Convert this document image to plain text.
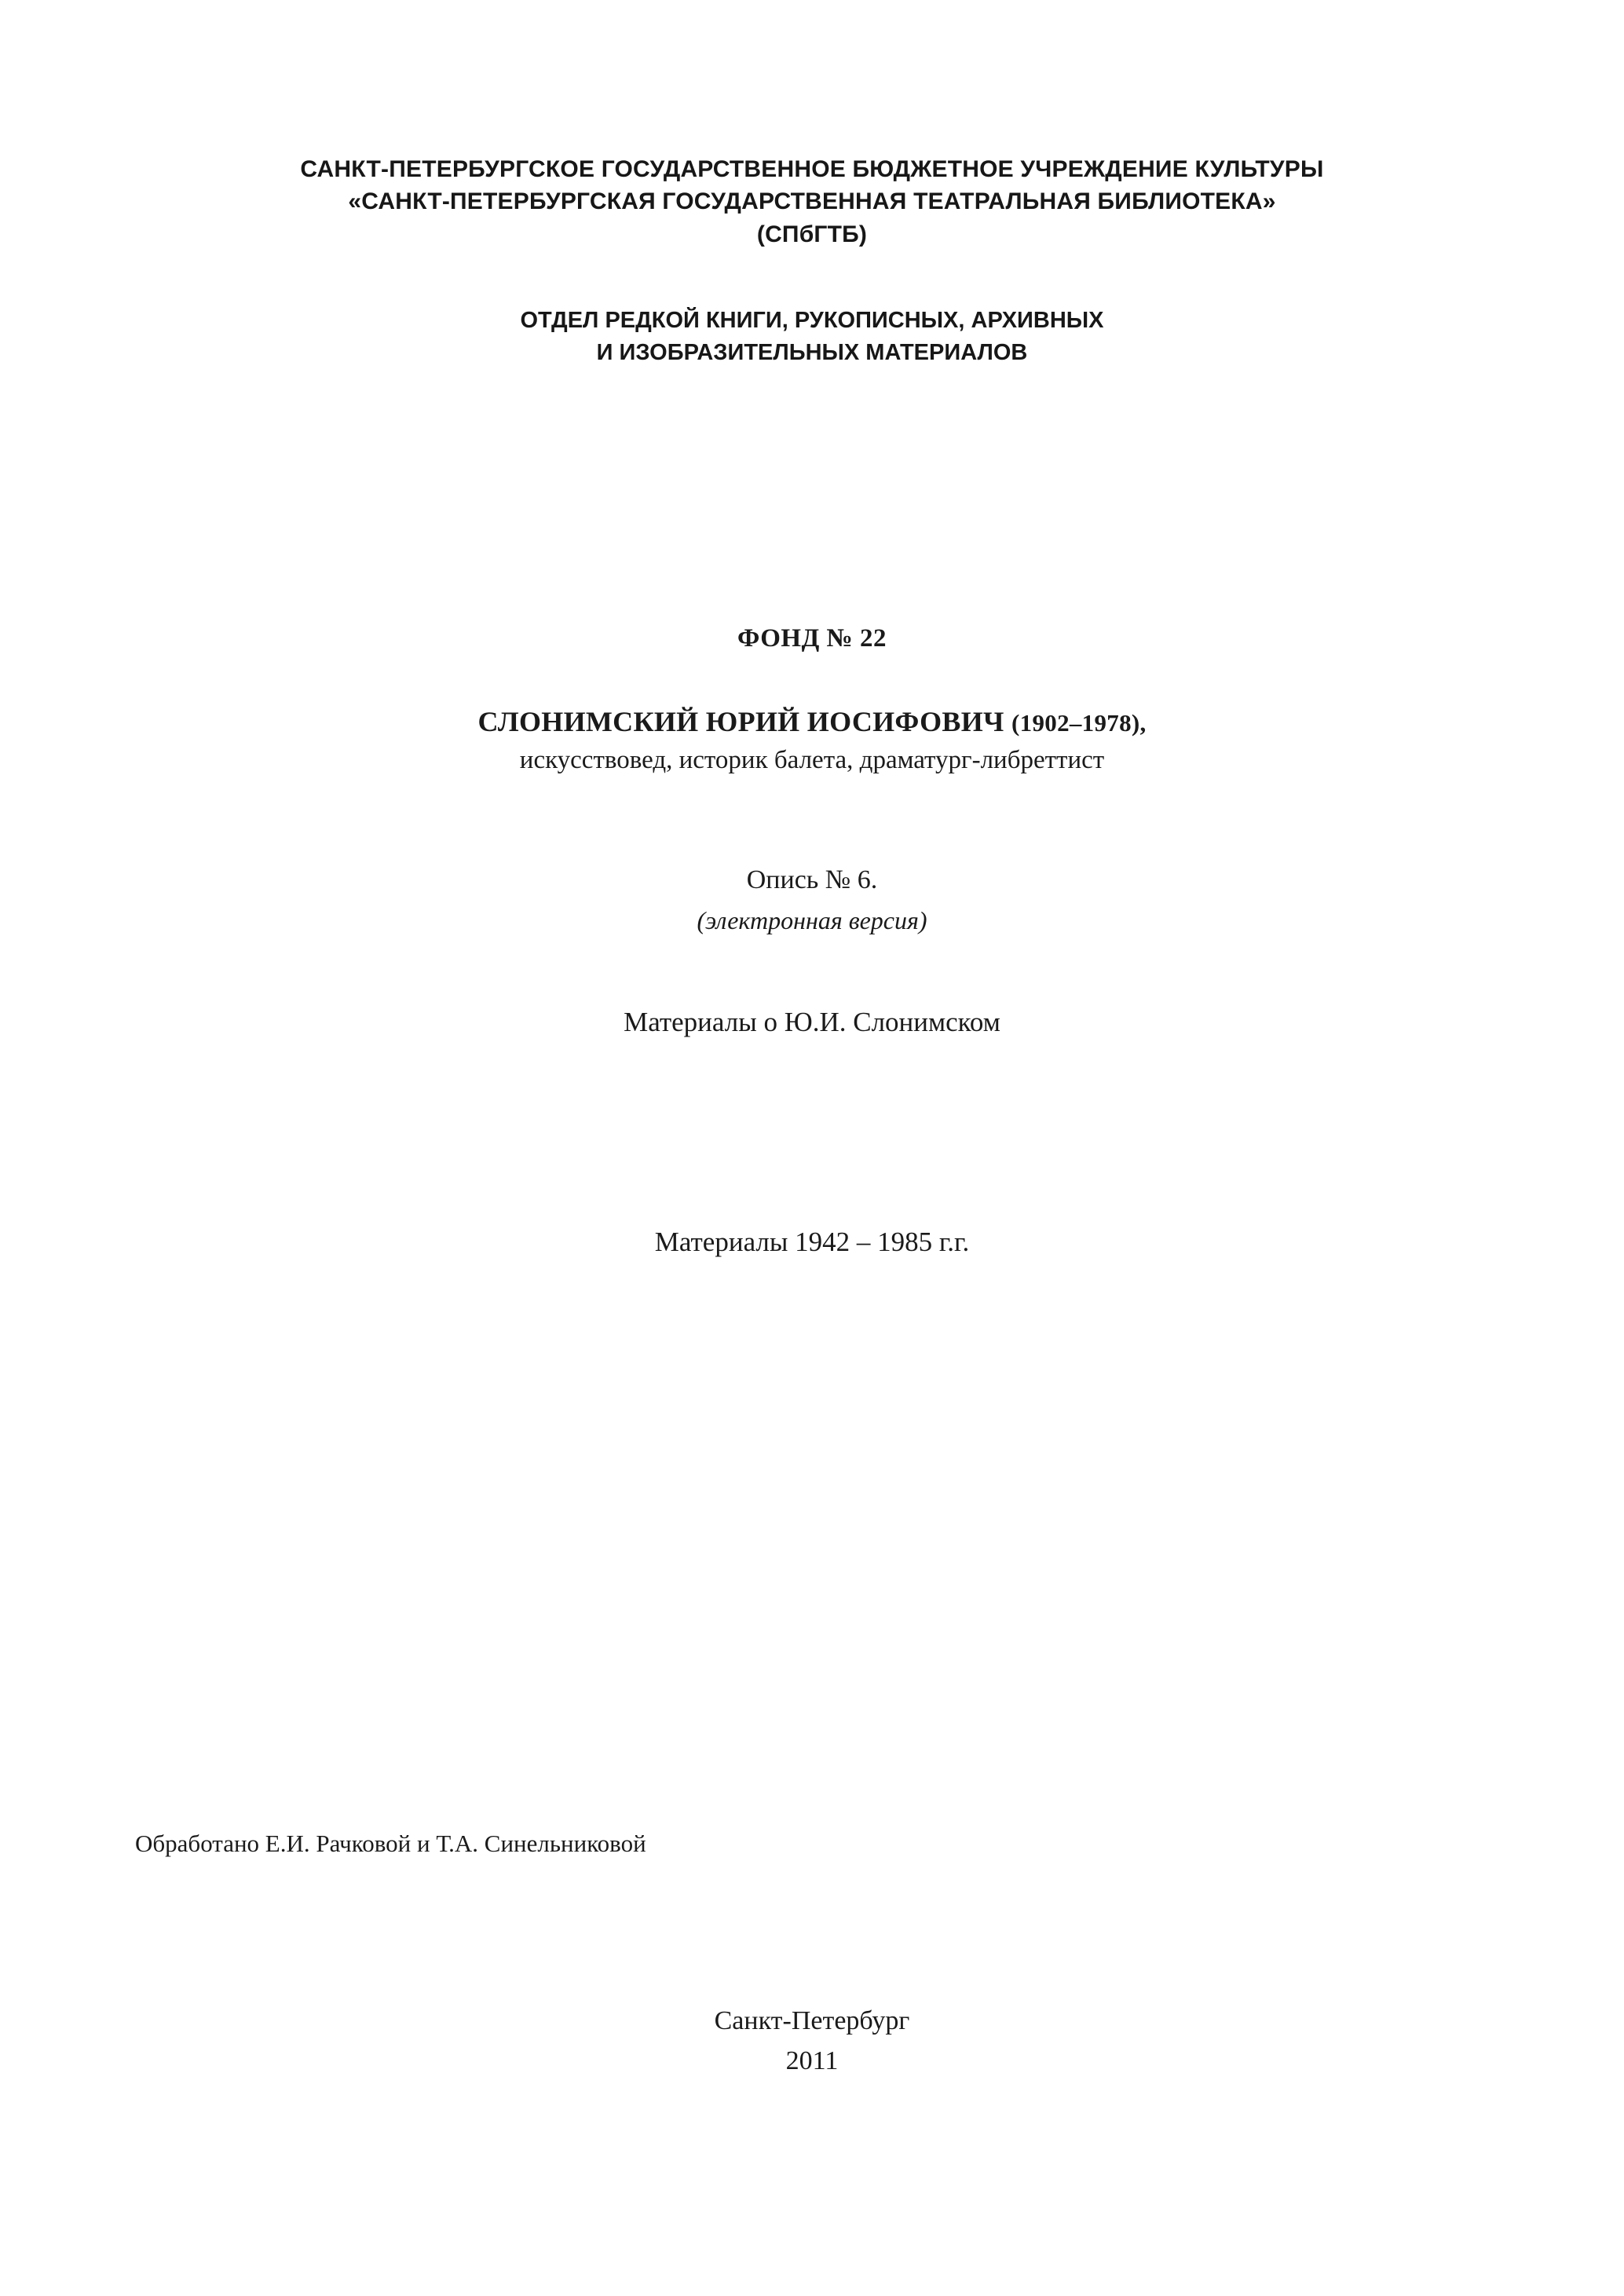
САНКТ-ПЕТЕРБУРГСКОЕ ГОСУДАРСТВЕННОЕ БЮДЖЕТНОЕ УЧРЕЖДЕНИЕ КУЛЬТУРЫ
«САНКТ-ПЕТЕРБУРГСКАЯ ГОСУДАРСТВЕННАЯ ТЕАТРАЛЬНАЯ БИБЛИОТЕКА»
(СПбГТБ)
ОТДЕЛ РЕДКОЙ КНИГИ, РУКОПИСНЫХ, АРХИВНЫХ
И ИЗОБРАЗИТЕЛЬНЫХ МАТЕРИАЛОВ
ФОНД № 22
СЛОНИМСКИЙ ЮРИЙ ИОСИФОВИЧ (1902–1978),
искусствовед, историк балета, драматург-либреттист
Опись № 6.
(электронная версия)
Материалы о Ю.И. Слонимском
Материалы 1942 – 1985 г.г.
Обработано Е.И. Рачковой и Т.А. Синельниковой
Санкт-Петербург
2011
